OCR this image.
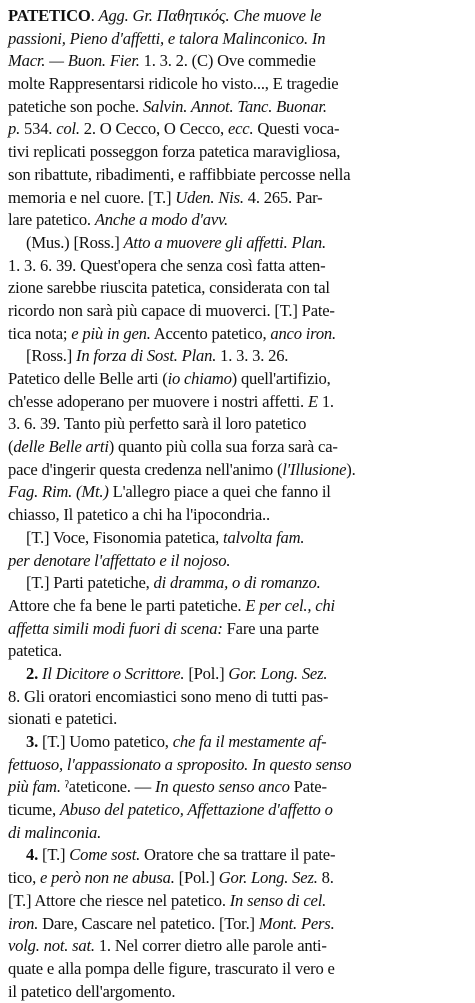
PATETICO. Agg. Gr. Παθητικός. Che muove le
passioni, Pieno d'affetti, e talora Malinconico. In
Macr. — Buon. Fier. 1. 3. 2. (C) Ove commedie
molte Rappresentarsi ridicole ho visto..., E tragedie
patetiche son poche. Salvin. Annot. Tanc. Buonar.
p. 534. col. 2. O Cecco, O Cecco, ecc. Questi voca-
tivi replicati posseggon forza patetica maravigliosa,
son ribattute, ribadimenti, e raffibbiate percosse nella
memoria e nel cuore. [T.] Uden. Nis. 4. 265. Par-
lare patetico. Anche a modo d'avv.
(Mus.) [Ross.] Atto a muovere gli affetti. Plan.
1. 3. 6. 39. Quest'opera che senza così fatta atten-
zione sarebbe riuscita patetica, considerata con tal
ricordo non sarà più capace di muoverci. [T.] Pate-
tica nota; e più in gen. Accento patetico, anco iron.
[Ross.] In forza di Sost. Plan. 1. 3. 3. 26.
Patetico delle Belle arti (io chiamo) quell'artifizio,
ch'esse adoperano per muovere i nostri affetti. E 1.
3. 6. 39. Tanto più perfetto sarà il loro patetico
(delle Belle arti) quanto più colla sua forza sarà ca-
pace d'ingerir questa credenza nell'animo (l'Illusione).
Fag. Rim. (Mt.) L'allegro piace a quei che fanno il
chiasso, Il patetico a chi ha l'ipocondria..
[T.] Voce, Fisonomia patetica, talvolta fam.
per denotare l'affettato e il nojoso.
[T.] Parti patetiche, di dramma, o di romanzo.
Attore che fa bene le parti patetiche. E per cel., chi
affetta simili modi fuori di scena: Fare una parte
patetica.
2. Il Dicitore o Scrittore. [Pol.] Gor. Long. Sez.
8. Gli oratori encomiastici sono meno di tutti pas-
sionati e patetici.
3. [T.] Uomo patetico, che fa il mestamente af-
fettuoso, l'appassionato a sproposito. In questo senso
più fam. ˀateticone. — In questo senso anco Pate-
ticume, Abuso del patetico, Affettazione d'affetto o
di malinconia.
4. [T.] Come sost. Oratore che sa trattare il pate-
tico, e però non ne abusa. [Pol.] Gor. Long. Sez. 8.
[T.] Attore che riesce nel patetico. In senso di cel.
iron. Dare, Cascare nel patetico. [Tor.] Mont. Pers.
volg. not. sat. 1. Nel correr dietro alle parole anti-
quate e alla pompa delle figure, trascurato il vero e
il patetico dell'argomento.
